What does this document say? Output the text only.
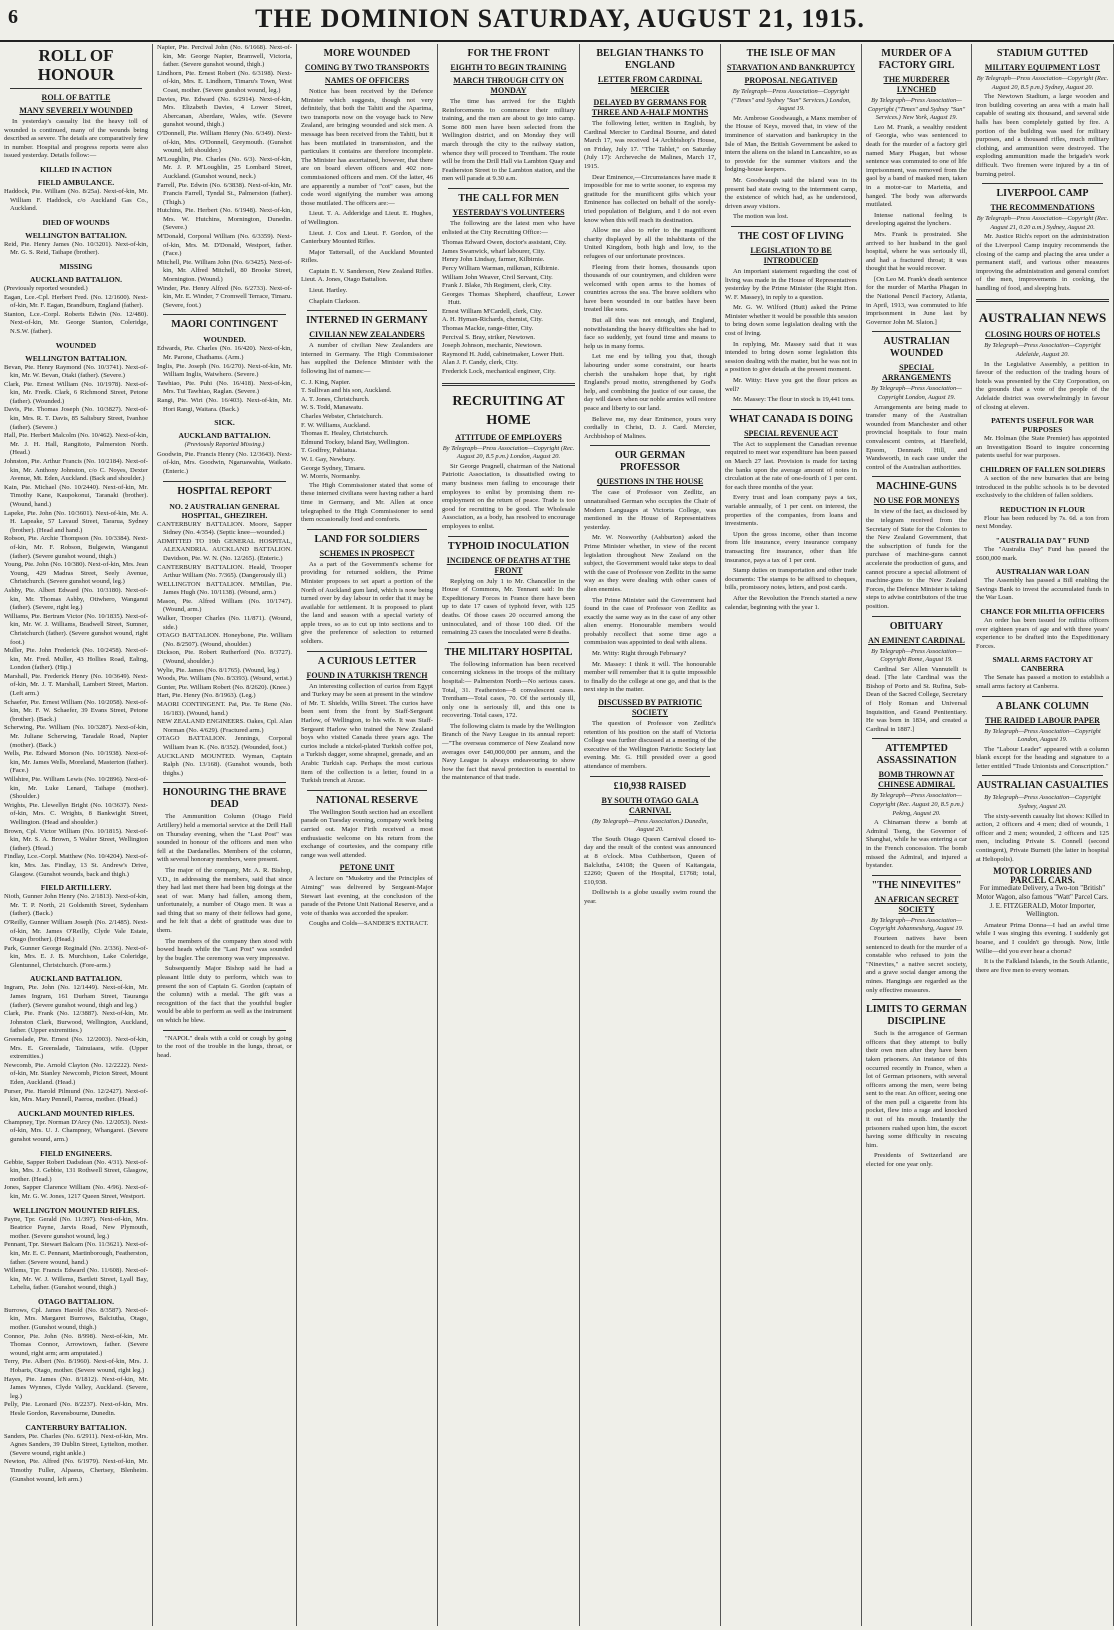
6	THE DOMINION SATURDAY, AUGUST 21, 1915.
ROLL OF HONOUR
ROLL OF BATTLE
MANY SEVERELY WOUNDED

In yesterday's casualty list the heavy toll of wounded is continued, many of the wounds being described as severe. The details are comparatively few in number. Hospital and progress reports were also issued yesterday. Details follow:—

KILLED IN ACTION
FIELD AMBULANCE.

Haddock, Pte. William (No. 8/25a). Next-of-kin, Mr. William F. Haddock, c/o Auckland Gas Co., Auckland.

DIED OF WOUNDS
WELLINGTON BATTALION.

Reid, Pte. Henry James (No. 10/3201). Next-of-kin, Mr. G. S. Reid, Taihape (brother).

MISSING
AUCKLAND BATTALION.

(Previously reported wounded.)

Eagan, Lce.-Cpl. Herbert Fred. (No. 12/1600). Next-of-kin, Mr. F. Eagan, Brandburn, England (father).

Stanton, Lce.-Corpl. Roberts Edwin (No. 12/480). Next-of-kin, Mr. George Stanton, Coleridge, N.S.W. (father).

WOUNDED
WELLINGTON BATTALION.

Bevan, Pte. Henry Raymond (No. 10/3741). Next-of-kin, Mr. W. Bevan, Otaki (father). (Severe.)

Clark, Pte. Ernest William (No. 10/1978). Next-of-kin, Mr. Fredk. Clark, 6 Richmond Street, Petone (father). (Wounded.)

Davis, Pte. Thomas Joseph (No. 10/3827). Next-of-kin, Mrs. R. T. Davis, 85 Salisbury Street, Ivanhoe (father). (Severe.)

Hall, Pte. Herbert Malcolm (No. 10/462). Next-of-kin, Mr. J. H. Hall, Rangitoto, Palmerston North. (Head.)

Johnston, Pte. Arthur Francis (No. 10/2184). Next-of-kin, Mr. Anthony Johnston, c/o C. Noyes, Dexter Avenue, Mt. Eden, Auckland. (Back and shoulder.)

Kain, Pte. Michael (No. 10/2440). Next-of-kin, Mr. Timothy Kane, Kaupokonui, Taranaki (brother). (Wound, hand.)

Lapeke, Pte. John (No. 10/3601). Next-of-kin, Mr. A. H. Lapeake, 57 Lavaud Street, Tararua, Sydney (brother). (Head and hand.)

Robson, Pte. Archie Thompson (No. 10/3384). Next-of-kin, Mr. F. Robson, Bulgewin, Wanganui (father). (Severe gunshot wound, thigh.)

Young, Pte. John (No. 10/380). Next-of-kin, Mrs. Jean Young, 429 Madras Street, Seely Avenue, Christchurch. (Severe gunshot wound, leg.)

Ashby, Pte. Albert Edward (No. 10/3180). Next-of-kin, Mr. Thomas Ashby, Otiwhero, Wanganui (father). (Severe, right leg.)

Williams, Pte. Bertram Victor (No. 10/1835). Next-of-kin, Mr. W. J. Williams, Bradwell Street, Sumner, Christchurch (father). (Severe gunshot wound, right foot.)

Muller, Pte. John Frederick (No. 10/2458). Next-of-kin, Mr. Fred. Muller, 43 Hollies Road, Ealing, London (father). (Hip.)

Marshall, Pte. Frederick Henry (No. 10/3649). Next-of-kin, Mr. J. T. Marshall, Lambert Street, Marton. (Left arm.)

Schaefer, Pte. Ernest William (No. 10/2058). Next-of-kin, Mr. F. W. Schaefer, 39 Evans Street, Petone (brother). (Back.)

Scherwing, Pte. William (No. 10/3287). Next-of-kin, Mr. Juliane Scherwing, Taradale Road, Napier (mother). (Back.)

Wells, Pte. Edward Morson (No. 10/1938). Next-of-kin, Mr. James Wells, Moreland, Masterton (father). (Face.)

Willshire, Pte. William Lewis (No. 10/2896). Next-of-kin, Mr. Luke Lenard, Taihape (mother). (Shoulder.)

Wrights, Pte. Llewellyn Bright (No. 10/3637). Next-of-kin, Mrs. C. Wrights, 8 Bankwight Street, Wellington. (Head and shoulder.)

Brown, Cpl. Victor William (No. 10/1815). Next-of-kin, Mr. S. A. Brown, 5 Walter Street, Wellington (father). (Head.)

Findlay, Lce.-Corpl. Matthew (No. 10/4204). Next-of-kin, Mrs. Jas. Findlay, 13 St. Andrew's Drive, Glasgow. (Gunshot wounds, back and thigh.)

FIELD ARTILLERY.

Nioth, Gunner John Henry (No. 2/1813). Next-of-kin, Mr. T. P. North, 21 Goldsmith Street, Sydenham (father). (Back.)

O'Reilly, Gunner William Joseph (No. 2/1485). Next-of-kin, Mr. James O'Reilly, Clyde Vale Estate, Otago (brother). (Head.)

Park, Gunner George Reginald (No. 2/336). Next-of-kin, Mrs. E. J. B. Murchison, Lake Coleridge, Glentunnel, Christchurch. (Fore-arm.)

AUCKLAND BATTALION.

Ingram, Pte. John (No. 12/1449). Next-of-kin, Mr. James Ingram, 161 Durham Street, Tauranga (father). (Severe gunshot wound, thigh and leg.)

Clark, Pte. Frank (No. 12/3887). Next-of-kin, Mr. Johnston Clark, Burwood, Wellington, Auckland, father. (Upper extremities.)

Greenslade, Pte. Ernest (No. 12/2003). Next-of-kin, Mrs. E. Greenslade, Tainuiaara, wife. (Upper extremities.)

Newcomb, Pte. Arnold Clayton (No. 12/2222). Next-of-kin, Mr. Stanley Newcomb, Picton Street, Mount Eden, Auckland. (Head.)

Purser, Pte. Harold Pilmund (No. 12/2427). Next-of-kin, Mrs. Mary Pennell, Paeroa, mother. (Head.)

AUCKLAND MOUNTED RIFLES.

Champney, Tpr. Norman D'Arcy (No. 12/2053). Next-of-kin, Mrs. U. J. Champney, Whangarei. (Severe gunshot wound, arm.)

FIELD ENGINEERS.

Gebbie, Sapper Robert Dadsdean (No. 4/31). Next-of-kin, Mrs. J. Gebbie, 131 Rothwell Street, Glasgow, mother. (Head.)

Jones, Sapper Clarence William (No. 4/96). Next-of-kin, Mr. G. W. Jones, 1217 Queen Street, Westport.

WELLINGTON MOUNTED RIFLES.

Payne, Tpr. Gerald (No. 11/397). Next-of-kin, Mrs. Beatrice Payne, Jarvis Road, New Plymouth, mother. (Severe gunshot wound, leg.)

Pennant, Tpr. Stewart Balcam (No. 11/3621). Next-of-kin, Mr. E. C. Pennant, Martinborough, Featherston, father. (Severe wound, hand.)

Willems, Tpr. Francis Edward (No. 11/608). Next-of-kin, Mr. W. J. Willems, Bartlett Street, Lyall Bay, Lehelia, father. (Gunshot wound, thigh.)

OTAGO BATTALION.

Burrows, Cpl. James Harold (No. 8/3587). Next-of-kin, Mrs. Margaret Burrows, Balciutha, Otago, mother. (Gunshot wound, thigh.)

Connor, Pte. John (No. 8/998). Next-of-kin, Mr. Thomas Connor, Arrowtown, father. (Severe wound, right arm; arm amputated.)

Terry, Pte. Albert (No. 8/1960). Next-of-kin, Mrs. J. Hobarts, Otago, mother. (Severe wound, right leg.)

Hayes, Pte. James (No. 8/1812). Next-of-kin, Mr. James Wynnes, Clyde Valley, Auckland. (Severe, leg.)

Pelly, Pte. Leonard (No. 8/2237). Next-of-kin, Mrs. Hesle Gordon, Ravensbourne, Dunedin.

CANTERBURY BATTALION.

Sanders, Pte. Charles (No. 6/2911). Next-of-kin, Mrs. Agnes Sanders, 39 Dublin Street, Lyttelton, mother. (Severe wound, right ankle.)

Newton, Pte. Alfred (No. 6/1979). Next-of-kin, Mr. Timothy Fuller, Alpaeus, Chertsey, Blenheim. (Gunshot wound, left arm.)

Napier, Pte. Percival John (No. 6/1668). Next-of-kin, Mr. George Napier, Bramwell, Victoria, father. (Severe gunshot wound, thigh.)

Lindhorn, Pte. Ernest Robert (No. 6/3198). Next-of-kin, Mrs. E. Lindhorn, Timaru's Town, West Coast, mother. (Severe gunshot wound, leg.)

Davies, Pte. Edward (No. 6/2914). Next-of-kin, Mrs. Elizabeth Davies, 4 Lower Street, Abercanan, Aberdare, Wales, wife. (Severe gunshot wound, thigh.)

O'Donnell, Pte. William Henry (No. 6/349). Next-of-kin, Mrs. O'Donnell, Greymouth. (Gunshot wound, left shoulder.)

M'Loughlin, Pte. Charles (No. 6/3). Next-of-kin, Mr. J. P. M'Loughlin, 25 Lombard Street, Auckland. (Gunshot wound, neck.)

Farrell, Pte. Edwin (No. 6/3838). Next-of-kin, Mr. Francis Farrell, Tyndal St., Palmerston (father). (Thigh.)

Hutchins, Pte. Herbert (No. 6/1948). Next-of-kin, Mrs. W. Hutchins, Mornington, Dunedin. (Severe.)

M'Donald, Corporal William (No. 6/3359). Next-of-kin, Mrs. M. D'Donald, Westport, father. (Face.)

Mitchell, Pte. William John (No. 6/3425). Next-of-kin, Mr. Alfred Mitchell, 80 Brooke Street, Mornington. (Wound.)

Winder, Pte. Henry Alfred (No. 6/2733). Next-of-kin, Mr. E. Winder, 7 Cromwell Terrace, Timaru. (Severe, foot.)

MAORI CONTINGENT
WOUNDED.

Edwards, Pte. Charles (No. 16/420). Next-of-kin, Mr. Parone, Chathams. (Arm.)

Inglis, Pte. Joseph (No. 16/270). Next-of-kin, Mr. William Inglis, Waiwhero. (Severe.)

Tawhiao, Pte. Puhi (No. 16/418). Next-of-kin, Mrs. Tui Tawhiao, Raglan. (Severe.)

Rangi, Pte. Wiri (No. 16/403). Next-of-kin, Mr. Hori Rangi, Waitara. (Back.)

SICK.
AUCKLAND BATTALION.
(Previously Reported Missing.)

Goodwin, Pte. Francis Henry (No. 12/3643). Next-of-kin, Mrs. Goodwin, Ngaruawahia, Waikato. (Enteric.)

HOSPITAL REPORT
NO. 2 AUSTRALIAN GENERAL HOSPITAL, GHEZIREH.

CANTERBURY BATTALION. Moore, Sapper Sidney (No. 4/354). (Septic knee—wounded.)

ADMITTED TO 19th GENERAL HOSPITAL, ALEXANDRIA. AUCKLAND BATTALION. Davidson, Pte. W. N. (No. 12/265). (Enteric.)

CANTERBURY BATTALION. Heald, Trooper Arthur William (No. 7/365). (Dangerously ill.)

WELLINGTON BATTALION. M'Millan, Pte. James Hugh (No. 10/1138). (Wound, arm.)

Mason, Pte. Alfred William (No. 10/1747). (Wound, arm.)

Walker, Trooper Charles (No. 11/871). (Wound, side.)

OTAGO BATTALION. Honeybone, Pte. William (No. 8/2507). (Wound, shoulder.)

Dickson, Pte. Robert Rutherford (No. 8/3727). (Wound, shoulder.)

Wylie, Pte. James (No. 8/1765). (Wound, leg.)

Woods, Pte. William (No. 8/3393). (Wound, wrist.)

Gunter, Pte. William Robert (No. 8/2620). (Knee.)

Hart, Pte. Henry (No. 8/1963). (Leg.)

MAORI CONTINGENT. Pai, Pte. Te Rene (No. 16/183). (Wound, hand.)

NEW ZEALAND ENGINEERS. Oakes, Cpl. Alan Norman (No. 4/629). (Fractured arm.)

OTAGO BATTALION. Jennings, Corporal William Ivan K. (No. 8/352). (Wounded, foot.)

AUCKLAND MOUNTED. Wyman, Captain Ralph (No. 13/168). (Gunshot wounds, both thighs.)

HONOURING THE BRAVE DEAD

The Ammunition Column (Otago Field Artillery) held a memorial service at the Drill Hall on Thursday evening, when the "Last Post" was sounded in honour of the officers and men who fell at the Dardanelles. Members of the column, with several honorary members, were present.

The major of the company, Mr. A. R. Bishop, V.D., in addressing the members, said that since they had last met there had been big doings at the seat of war. Many had fallen, among them, unfortunately, a number of Otago men. It was a sad thing that so many of their fellows had gone, and he felt that a debt of gratitude was due to them.

The members of the company then stood with bowed heads while the "Last Post" was sounded by the bugler. The ceremony was very impressive.

Subsequently Major Bishop said he had a pleasant little duty to perform, which was to present the son of Captain G. Gordon (captain of the column) with a medal. The gift was a recognition of the fact that the youthful bugler would be able to perform as well as the instrument on which he blew.

"NAPOL" deals with a cold or cough by going to the root of the trouble in the lungs, throat, or head.

MORE WOUNDED
COMING BY TWO TRANSPORTS
NAMES OF OFFICERS

Notice has been received by the Defence Minister which suggests, though not very definitely, that both the Tahiti and the Aparima, two transports now on the voyage back to New Zealand, are bringing wounded and sick men. A message has been received from the Tahiti, but it has been mutilated in transmission, and the particulars it contains are therefore incomplete. The Minister has ascertained, however, that there are on board eleven officers and 402 non-commissioned officers and men. Of the latter, 46 are apparently a number of "cot" cases, but the code word signifying the number was among those mutilated. The officers are:—

Lieut. T. A. Adderidge and Lieut. E. Hughes, of Wellington.

Lieut. J. Cox and Lieut. F. Gordon, of the Canterbury Mounted Rifles.

Major Tattersall, of the Auckland Mounted Rifles.

Captain E. V. Sanderson, New Zealand Rifles. Lieut. A. Jones, Otago Battalion.

Lieut. Hartley.

Chaplain Clarkson.

INTERNED IN GERMANY
CIVILIAN NEW ZEALANDERS

A number of civilian New Zealanders are interned in Germany. The High Commissioner has supplied the Defence Minister with the following list of names:—

C. J. King, Napier.

T. Sullivan and his son, Auckland.

A. T. Jones, Christchurch.

W. S. Todd, Manawatu.

Charles Webster, Christchurch.

F. W. Williams, Auckland.

Thomas E. Healey, Christchurch.

Edmund Tockey, Island Bay, Wellington.

T. Godfrey, Pahiatua.

W. I. Gay, Newbury.

George Sydney, Timaru.

W. Morris, Normanby.

The High Commissioner stated that some of these interned civilians were having rather a hard time in Germany, and Mr. Allen at once telegraphed to the High Commissioner to send them occasionally food and comforts.

LAND FOR SOLDIERS
SCHEMES IN PROSPECT

As a part of the Government's scheme for providing for returned soldiers, the Prime Minister proposes to set apart a portion of the North of Auckland gum land, which is now being turned over by day labour in order that it may be available for settlement. It is proposed to plant the land and season with a special variety of apple trees, so as to cut up into sections and to give the preference of selection to returned soldiers.

A CURIOUS LETTER
FOUND IN A TURKISH TRENCH

An interesting collection of curios from Egypt and Turkey may be seen at present in the window of Mr. T. Shields, Willis Street. The curios have been sent from the front by Staff-Sergeant Harlow, of Wellington, to his wife. It was Staff-Sergeant Harlow who trained the New Zealand boys who visited Canada three years ago. The curios include a nickel-plated Turkish coffee pot, a Turkish dagger, some shrapnel, grenade, and an Arabic Turkish cap. Perhaps the most curious item of the collection is a letter, found in a Turkish trench at Anzac.

NATIONAL RESERVE

The Wellington South section had an excellent parade on Tuesday evening, company work being carried out. Major Firth received a most enthusiastic welcome on his return from the exchange of courtesies, and the company rifle range was well attended.

PETONE UNIT

A lecture on "Musketry and the Principles of Aiming" was delivered by Sergeant-Major Stewart last evening, at the conclusion of the parade of the Petone Unit National Reserve, and a vote of thanks was accorded the speaker.

Coughs and Colds—SANDER'S EXTRACT.

FOR THE FRONT
EIGHTH TO BEGIN TRAINING
MARCH THROUGH CITY ON MONDAY

The time has arrived for the Eighth Reinforcements to commence their military training, and the men are about to go into camp. Some 800 men have been selected from the Wellington district, and on Monday they will march through the city to the railway station, whence they will proceed to Trentham. The route will be from the Drill Hall via Lambton Quay and Featherston Street to the Lambton station, and the men will parade at 9.30 a.m.

THE CALL FOR MEN
YESTERDAY'S VOLUNTEERS

The following are the latest men who have enlisted at the City Recruiting Office:—

Thomas Edward Owen, doctor's assistant, City.

James Swanwick, wharf labourer, City.

Henry John Lindsay, farmer, Kilbirnie.

Percy William Warman, milkman, Kilbirnie.

William John Weaver, Civil Servant, City.

Frank J. Blake, 7th Regiment, clerk, City.

Georges Thomas Shepherd, chauffeur, Lower Hutt.

Ernest William M'Cardell, clerk, City.

A. H. Hyman-Richards, chemist, City.

Thomas Mackie, range-fitter, City.

Percival S. Bray, striker, Newtown.

Joseph Johnson, mechanic, Newtown.

Raymond H. Judd, cabinetmaker, Lower Hutt.

Alan J. F. Candy, clerk, City.

Frederick Lock, mechanical engineer, City.

RECRUITING AT HOME
ATTITUDE OF EMPLOYERS
By Telegraph—Press Association—Copyright (Rec. August 20, 8.5 p.m.) London, August 20.

Sir George Pragnell, chairman of the National Patriotic Association, is dissatisfied owing to many business men failing to encourage their employees to enlist by promising them re-employment on the return of peace. Trade is too good for recruiting to be good. The Wholesale Association, as a body, has resolved to encourage employees to enlist.

TYPHOID INOCULATION
INCIDENCE OF DEATHS AT THE FRONT

Replying on July 1 to Mr. Chancellor in the House of Commons, Mr. Tennant said: In the Expeditionary Forces in France there have been up to date 17 cases of typhoid fever, with 125 deaths. Of those cases 20 occurred among the uninoculated, and of those 100 died. Of the remaining 23 cases the inoculated were 8 deaths.

THE MILITARY HOSPITAL

The following information has been received concerning sickness in the troops of the military hospital:— Palmerston North—No serious cases. Total, 31. Featherston—8 convalescent cases. Trentham—Total cases, 70. Of the seriously ill, only one is seriously ill, and this one is recovering. Total cases, 172.

The following claim is made by the Wellington Branch of the Navy League in its annual report:—"The overseas commerce of New Zealand now averages over £40,000,000 per annum, and the Navy League is always endeavouring to show how the fact that naval protection is essential to the maintenance of that trade.

BELGIAN THANKS TO ENGLAND
LETTER FROM CARDINAL MERCIER
DELAYED BY GERMANS FOR THREE AND A-HALF MONTHS

The following letter, written in English, by Cardinal Mercier to Cardinal Bourne, and dated March 17, was received 14 Archbishop's House, on Friday, July 17. "The Tablet," on Saturday (July 17): Archeveche de Malines, March 17, 1915.

Dear Eminence,—Circumstances have made it impossible for me to write sooner, to express my gratitude for the munificent gifts which your Eminence has collected on behalf of the sorely-tried population of Belgium, and I do not even know when this will reach its destination.

Allow me also to refer to the magnificent charity displayed by all the inhabitants of the United Kingdom, both high and low, to the refugees of our unfortunate provinces.

Fleeing from their homes, thousands upon thousands of our countrymen, and children were welcomed with open arms to the homes of countries across the sea. The brave soldiers who have been wounded in our battles have been treated like sons.

But all this was not enough, and England, notwithstanding the heavy difficulties she had to face so suddenly, yet found time and means to help us in many forms.

Let me end by telling you that, though labouring under some constraint, our hearts cherish the unshaken hope that, by right England's proud motto, strengthened by God's help, and combining the justice of our cause, the day will dawn when our noble armies will restore peace and liberty to our land.

Believe me, my dear Eminence, yours very cordially in Christ, D. J. Card. Mercier, Archbishop of Malines.

OUR GERMAN PROFESSOR
QUESTIONS IN THE HOUSE

The case of Professor von Zedlitz, an unnaturalised German who occupies the Chair of Modern Languages at Victoria College, was mentioned in the House of Representatives yesterday.

Mr. W. Nosworthy (Ashburton) asked the Prime Minister whether, in view of the recent legislation throughout New Zealand on the subject, the Government would take steps to deal with the case of Professor von Zedlitz in the same way as they were dealing with other cases of alien enemies.

The Prime Minister said the Government had found in the case of Professor von Zedlitz as exactly the same way as in the case of any other alien enemy. Honourable members would probably recollect that some time ago a commission was appointed to deal with aliens.

Mr. Witty: Right through February?

Mr. Massey: I think it will. The honourable member will remember that it is quite impossible to finally do the college at one go, and that is the next step in the matter.

DISCUSSED BY PATRIOTIC SOCIETY

The question of Professor von Zedlitz's retention of his position on the staff of Victoria College was further discussed at a meeting of the executive of the Wellington Patriotic Society last evening. Mr. G. Hill presided over a good attendance of members.

£10,938 RAISED
BY SOUTH OTAGO GALA CARNIVAL
(By Telegraph—Press Association.) Dunedin, August 20.

The South Otago Queen Carnival closed to-day and the result of the contest was announced at 8 o'clock. Miss Cuthbertson, Queen of Balclutha, £4108; the Queen of Kaitangata, £2260; Queen of the Hospital, £1768; total, £10,938.

Dolliwish is a globe usually swim round the year.

THE ISLE OF MAN
STARVATION AND BANKRUPTCY
PROPOSAL NEGATIVED
By Telegraph—Press Association—Copyright ("Times" and Sydney "Sun" Services.) London, August 19.

Mr. Ambrose Goodwaugh, a Manx member of the House of Keys, moved that, in view of the imminence of starvation and bankruptcy in the Isle of Man, the British Government be asked to intern the aliens on the island in Lancashire, so as to provide for the summer visitors and the lodging-house keepers.

Mr. Goodwaugh said the island was in its present bad state owing to the internment camp, the existence of which had, as he understood, driven away visitors.

The motion was lost.

THE COST OF LIVING
LEGISLATION TO BE INTRODUCED

An important statement regarding the cost of living was made in the House of Representatives yesterday by the Prime Minister (the Right Hon. W. F. Massey), in reply to a question.

Mr. G. W. Wilford (Hutt) asked the Prime Minister whether it would be possible this session to bring down some legislation dealing with the cost of living.

In replying, Mr. Massey said that it was intended to bring down some legislation this session dealing with the matter, but he was not in a position to give details at the present moment.

Mr. Witty: Have you got the flour prices as well?

Mr. Massey: The flour in stock is 19,441 tons.

WHAT CANADA IS DOING
SPECIAL REVENUE ACT

The Act to supplement the Canadian revenue required to meet war expenditure has been passed on March 27 last. Provision is made for taxing the banks upon the average amount of notes in circulation at the rate of one-fourth of 1 per cent. for each three months of the year.

Every trust and loan company pays a tax, variable annually, of 1 per cent. on interest, the properties of the companies, from loans and investments.

Upon the gross income, other than income from life insurance, every insurance company transacting fire insurance, other than life insurance, pays a tax of 1 per cent.

Stamp duties on transportation and other trade documents: The stamps to be affixed to cheques, bills, promissory notes, letters, and post cards.

After the Revolution the French started a new calendar, beginning with the year 1.

MURDER OF A FACTORY GIRL
THE MURDERER LYNCHED
By Telegraph—Press Association—Copyright ("Times" and Sydney "Sun" Services.) New York, August 19.

Leo M. Frank, a wealthy resident of Georgia, who was sentenced to death for the murder of a factory girl named Mary Phagan, but whose sentence was commuted to one of life imprisonment, was removed from the gaol by a band of masked men, taken in a motor-car to Marietta, and hanged. The body was afterwards mutilated.

Intense national feeling is developing against the lynchers.

Mrs. Frank is prostrated. She arrived to her husband in the gaol hospital, where he was seriously ill, and had a fractured throat; it was thought that he would recover.

[On Leo M. Frank's death sentence for the murder of Martha Phagan in the National Pencil Factory, Atlanta, in April, 1913, was commuted to life imprisonment in June last by Governor John M. Slaton.]

AUSTRALIAN WOUNDED
SPECIAL ARRANGEMENTS
By Telegraph—Press Association—Copyright London, August 19.

Arrangements are being made to transfer many of the Australian wounded from Manchester and other provincial hospitals to four main convalescent centres, at Harefield, Epsom, Denmark Hill, and Wandsworth, in each case under the control of the Australian authorities.

MACHINE-GUNS
NO USE FOR MONEYS

In view of the fact, as disclosed by the telegram received from the Secretary of State for the Colonies to the New Zealand Government, that the subscription of funds for the purchase of machine-guns cannot accelerate the production of guns, and cannot procure a special allotment of machine-guns to the New Zealand Forces, the Defence Minister is taking steps to advise contributors of the true position.

OBITUARY
AN EMINENT CARDINAL
By Telegraph—Press Association—Copyright Rome, August 19.

Cardinal Ser Allen Vannutelli is dead. [The late Cardinal was the Bishop of Porto and St. Rufina, Sub-Dean of the Sacred College, Secretary of Holy Roman and Universal Inquisition, and Grand Penitentiary. He was born in 1834, and created a Cardinal in 1887.]

ATTEMPTED ASSASSINATION
BOMB THROWN AT CHINESE ADMIRAL
By Telegraph—Press Association—Copyright (Rec. August 20, 8.5 p.m.) Peking, August 20.

A Chinaman threw a bomb at Admiral Tseng, the Governor of Shanghai, while he was entering a car in the French concession. The bomb missed the Admiral, and injured a bystander.

"THE NINEVITES"
AN AFRICAN SECRET SOCIETY
By Telegraph—Press Association—Copyright Johannesburg, August 19.

Fourteen natives have been sentenced to death for the murder of a constable who refused to join the "Ninevites," a native secret society, and a grave social danger among the mines. Hangings are regarded as the only effective measures.

LIMITS TO GERMAN DISCIPLINE

Such is the arrogance of German officers that they attempt to bully their own men after they have been taken prisoners. An instance of this occurred recently in France, when a lot of German prisoners, with several officers among the men, were being sent to the rear. An officer, seeing one of the men pull a cigarette from his pocket, flew into a rage and knocked it out of his mouth. Instantly the prisoners rushed upon him, the escort having some difficulty in rescuing him.

Presidents of Switzerland are elected for one year only.

STADIUM GUTTED
MILITARY EQUIPMENT LOST
By Telegraph—Press Association—Copyright (Rec. August 20, 8.5 p.m.) Sydney, August 20.

The Newtown Stadium, a large wooden and iron building covering an area with a main hall capable of seating six thousand, and several side halls has been completely gutted by fire. A portion of the building was used for military purposes, and a thousand rifles, much military clothing, and ammunition were destroyed. The exploding ammunition made the brigade's work difficult. Two firemen were injured by a tin of burning petrol.

LIVERPOOL CAMP
THE RECOMMENDATIONS
By Telegraph—Press Association—Copyright (Rec. August 21, 0.20 a.m.) Sydney, August 20.

Mr. Justice Rich's report on the administration of the Liverpool Camp inquiry recommends the closing of the camp and placing the area under a permanent staff, and various other measures improving the administration and general comfort of the men, improvements in cooking, the handling of food, and sleeping huts.

AUSTRALIAN NEWS
CLOSING HOURS OF HOTELS
By Telegraph—Press Association—Copyright Adelaide, August 20.

In the Legislative Assembly, a petition in favour of the reduction of the trading hours of hotels was presented by the City Corporation, on the grounds that a vote of the people of the Adelaide district was overwhelmingly in favour of closing at eleven.

PATENTS USEFUL FOR WAR PURPOSES

Mr. Holman (the State Premier) has appointed an Investigation Board to inquire concerning patents useful for war purposes.

CHILDREN OF FALLEN SOLDIERS

A section of the new bursaries that are being introduced in the public schools is to be devoted exclusively to the children of fallen soldiers.

REDUCTION IN FLOUR

Flour has been reduced by 7s. 6d. a ton from next Monday.

"AUSTRALIA DAY" FUND

The "Australia Day" Fund has passed the £600,000 mark.

AUSTRALIAN WAR LOAN

The Assembly has passed a Bill enabling the Savings Bank to invest the accumulated funds in the War Loan.

CHANCE FOR MILITIA OFFICERS

An order has been issued for militia officers over eighteen years of age and with three years' experience to be drafted into the Expeditionary Forces.

SMALL ARMS FACTORY AT CANBERRA

The Senate has passed a motion to establish a small arms factory at Canberra.

A BLANK COLUMN
THE RAIDED LABOUR PAPER
By Telegraph—Press Association—Copyright London, August 19.

The "Labour Leader" appeared with a column blank except for the heading and signature to a letter entitled "Trade Unionists and Conscription."

AUSTRALIAN CASUALTIES
By Telegraph—Press Association—Copyright Sydney, August 20.

The sixty-seventh casualty list shows: Killed in action, 2 officers and 4 men; died of wounds, 1 officer and 2 men; wounded, 2 officers and 125 men, including Private S. Connell (second contingent), Private Burnett (the latter in hospital at Heliopolis).

MOTOR LORRIES AND PARCEL CARS.
For immediate Delivery, a Two-ton "British" Motor Wagon, also famous "Watt" Parcel Cars. J. E. FITZGERALD, Motor Importer, Wellington.

Amateur Prima Donna—I had an awful time while I was singing this evening. I suddenly got hoarse, and I couldn't go through. Now, little Willie—did you ever hear a chorus?

It is the Falkland Islands, in the South Atlantic, there are five men to every woman.
